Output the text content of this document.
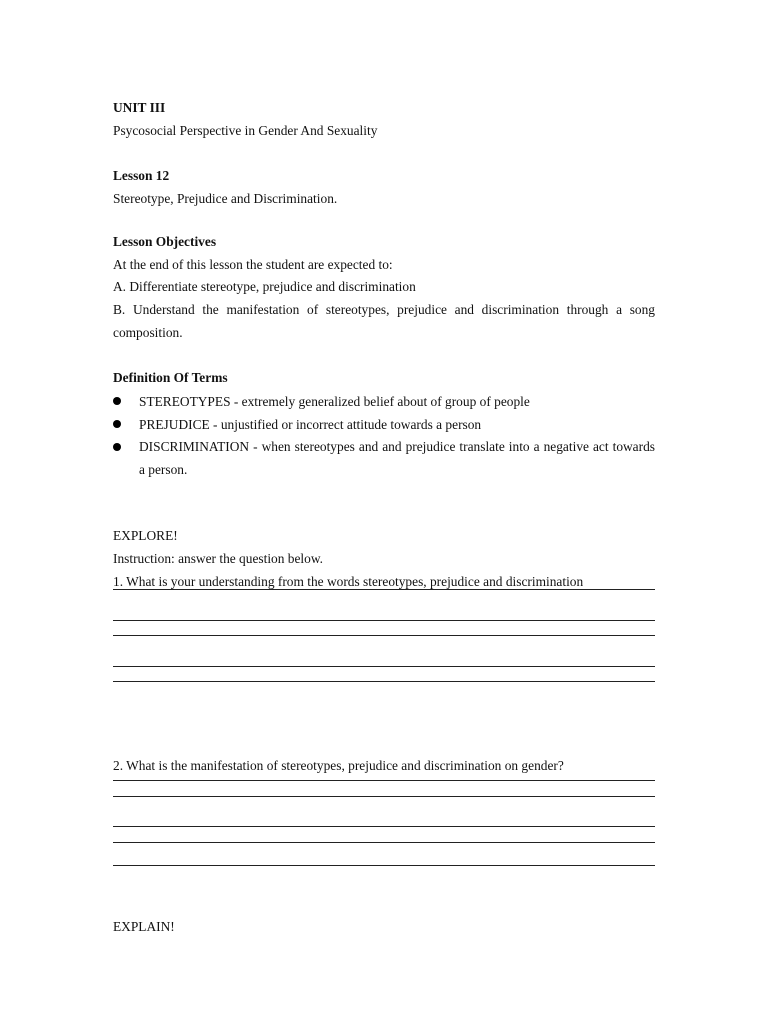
UNIT III
Psycosocial Perspective in Gender And Sexuality
Lesson 12
Stereotype, Prejudice and Discrimination.
Lesson Objectives
At the end of this lesson the student are expected to:
A. Differentiate stereotype, prejudice and discrimination
B. Understand the manifestation of stereotypes, prejudice and discrimination through a song composition.
Definition Of Terms
STEREOTYPES - extremely generalized belief about of group of people
PREJUDICE - unjustified or incorrect attitude towards a person
DISCRIMINATION - when stereotypes and and prejudice translate into a negative act towards a person.
EXPLORE!
Instruction: answer the question below.
1. What is your understanding from the words stereotypes, prejudice and discrimination
2. What is the manifestation of stereotypes, prejudice and discrimination on gender?
EXPLAIN!
